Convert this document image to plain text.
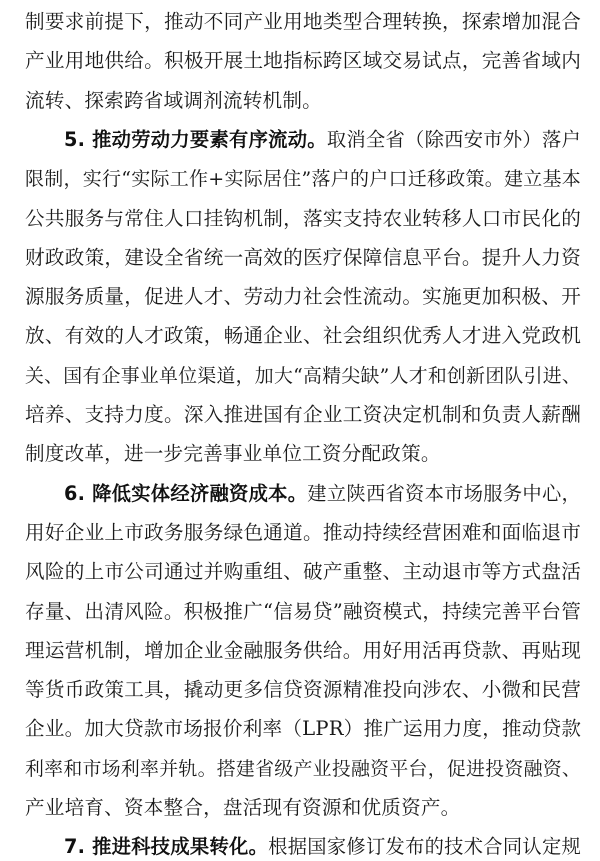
制要求前提下，推动不同产业用地类型合理转换，探索增加混合
产业用地供给。积极开展土地指标跨区域交易试点，完善省域内
流转、探索跨省域调剂流转机制。
5. 推动劳动力要素有序流动。取消全省（除西安市外）落户
限制，实行“实际工作+实际居住”落户的户口迁移政策。建立基本
公共服务与常住人口挂钩机制，落实支持农业转移人口市民化的
财政政策，建设全省统一高效的医疗保障信息平台。提升人力资
源服务质量，促进人才、劳动力社会性流动。实施更加积极、开
放、有效的人才政策，畅通企业、社会组织优秀人才进入党政机
关、国有企事业单位渠道，加大“高精尖缺”人才和创新团队引进、
培养、支持力度。深入推进国有企业工资决定机制和负责人薪酬
制度改革，进一步完善事业单位工资分配政策。
6. 降低实体经济融资成本。建立陕西省资本市场服务中心，
用好企业上市政务服务绿色通道。推动持续经营困难和面临退市
风险的上市公司通过并购重组、破产重整、主动退市等方式盘活
存量、出清风险。积极推广“信易贷”融资模式，持续完善平台管
理运营机制，增加企业金融服务供给。用好用活再贷款、再贴现
等货币政策工具，撬动更多信贷资源精准投向涉农、小微和民营
企业。加大贷款市场报价利率（LPR）推广运用力度，推动贷款
利率和市场利率并轨。搭建省级产业投融资平台，促进投资融资、
产业培育、资本整合，盘活现有资源和优质资产。
7. 推进科技成果转化。根据国家修订发布的技术合同认定规
